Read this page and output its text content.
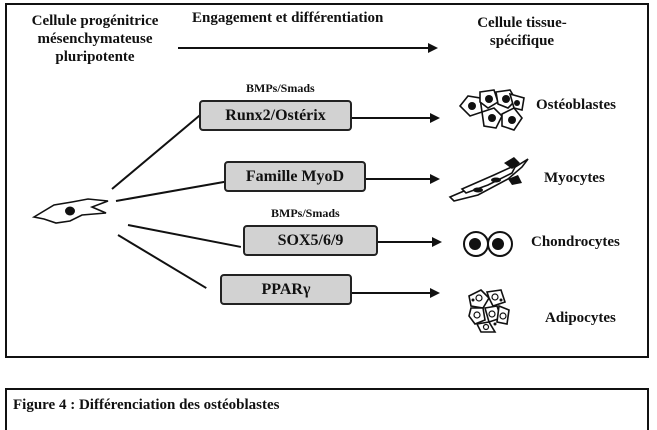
Cellule progénitrice mésenchymateuse pluripotente
Engagement et différentiation	Cellule tissue-spécifique
BMPs/Smads
Runx2/Ostérix
Ostéoblastes
Famille MyoD	Myocytes
BMPs/Smads
SOX5/6/9	Chondrocytes
PPARγ
Adipocytes
Figure 4 : Différenciation des ostéoblastes
